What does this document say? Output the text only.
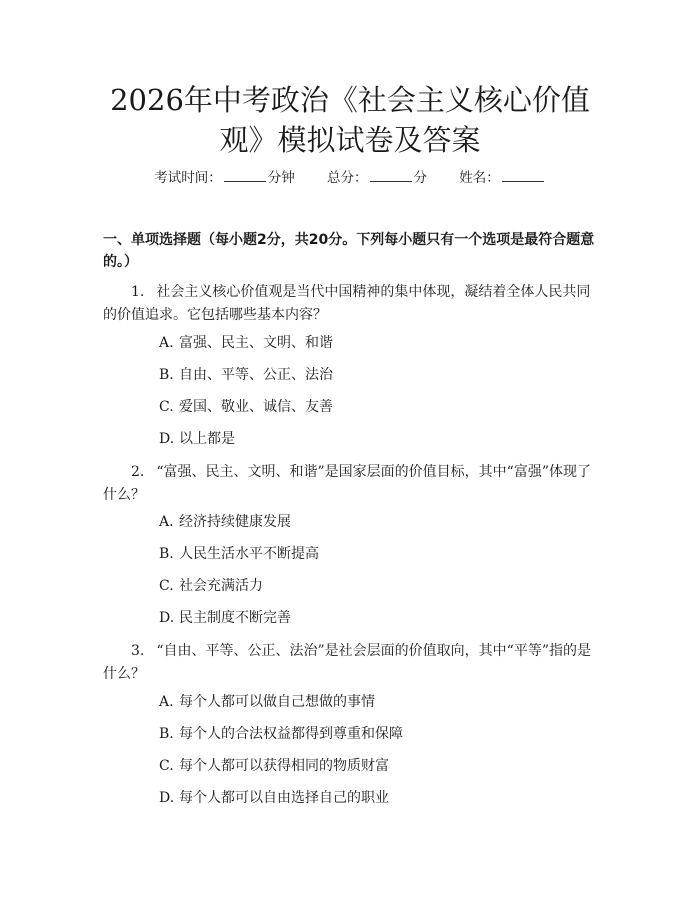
2026年中考政治《社会主义核心价值观》模拟试卷及答案
考试时间：	分钟 总分：	分 姓名：
一、单项选择题（每小题2分，共20分。下列每小题只有一个选项是最符合题意的。）
1. 社会主义核心价值观是当代中国精神的集中体现，凝结着全体人民共同的价值追求。它包括哪些基本内容？
A. 富强、民主、文明、和谐
B. 自由、平等、公正、法治
C. 爱国、敬业、诚信、友善
D. 以上都是
2. “富强、民主、文明、和谐”是国家层面的价值目标，其中“富强”体现了什么？
A. 经济持续健康发展
B. 人民生活水平不断提高
C. 社会充满活力
D. 民主制度不断完善
3. “自由、平等、公正、法治”是社会层面的价值取向，其中“平等”指的是什么？
A. 每个人都可以做自己想做的事情
B. 每个人的合法权益都得到尊重和保障
C. 每个人都可以获得相同的物质财富
D. 每个人都可以自由选择自己的职业
